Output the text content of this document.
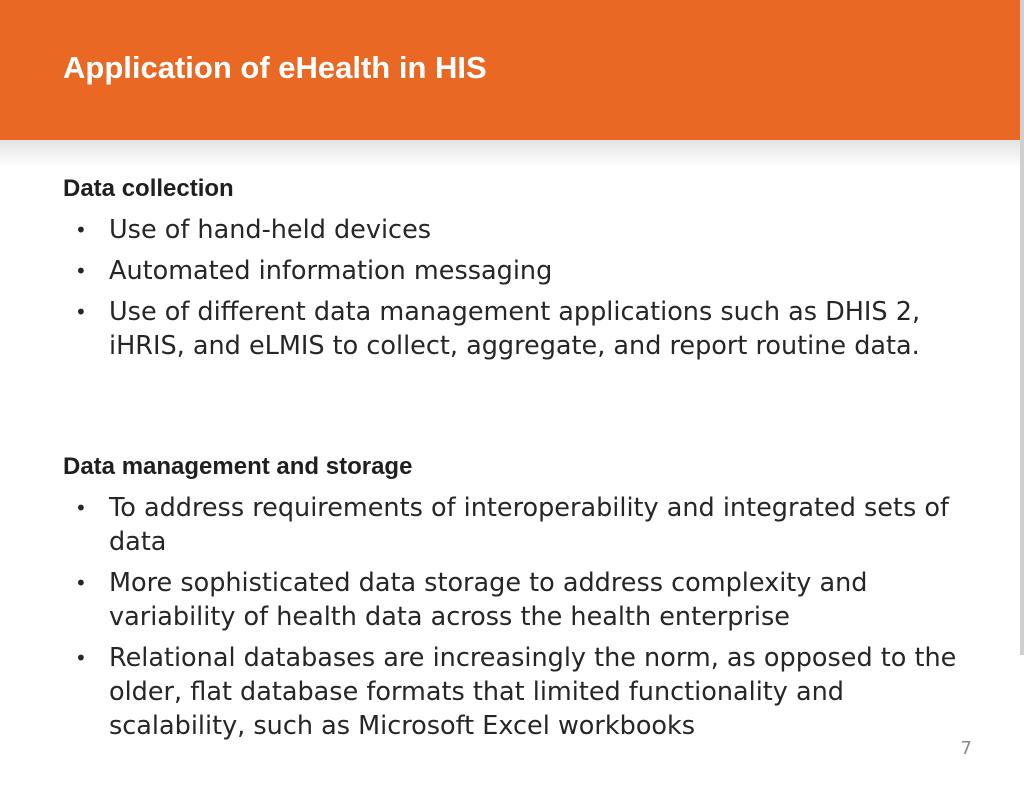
Application of eHealth in HIS

Data collection

• Use of hand-held devices
• Automated information messaging
• Use of different data management applications such as DHIS 2, iHRIS, and eLMIS to collect, aggregate, and report routine data.

Data management and storage

• To address requirements of interoperability and integrated sets of data
• More sophisticated data storage to address complexity and variability of health data across the health enterprise
• Relational databases are increasingly the norm, as opposed to the older, flat database formats that limited functionality and scalability, such as Microsoft Excel workbooks
7
